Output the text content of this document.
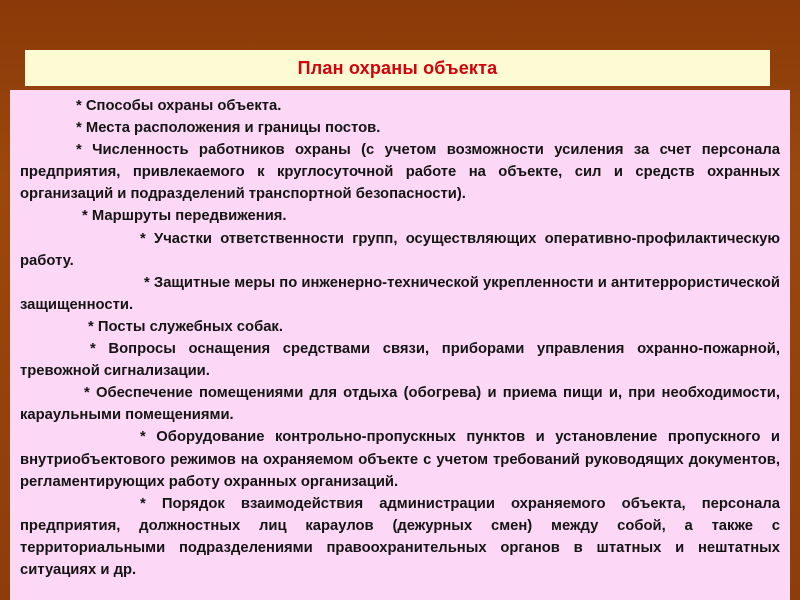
План охраны объекта

* Способы охраны объекта.

* Места расположения и границы постов.

* Численность работников охраны (с учетом возможности усиления за счет персонала предприятия, привлекаемого к круглосуточной работе на объекте, сил и средств охранных организаций и подразделений транспортной безопасности).

* Маршруты передвижения.

* Участки ответственности групп, осуществляющих оперативно-профилактическую работу.

* Защитные меры по инженерно-технической укрепленности и антитеррористической защищенности.

* Посты служебных собак.

* Вопросы оснащения средствами связи, приборами управления охранно-пожарной, тревожной сигнализации.

* Обеспечение помещениями для отдыха (обогрева) и приема пищи и, при необходимости, караульными помещениями.

* Оборудование контрольно-пропускных пунктов и установление пропускного и внутриобъектового режимов на охраняемом объекте с учетом требований руководящих документов, регламентирующих работу охранных организаций.

* Порядок взаимодействия администрации охраняемого объекта, персонала предприятия, должностных лиц караулов (дежурных смен) между собой, а также с территориальными подразделениями правоохранительных органов в штатных и нештатных ситуациях и др.
